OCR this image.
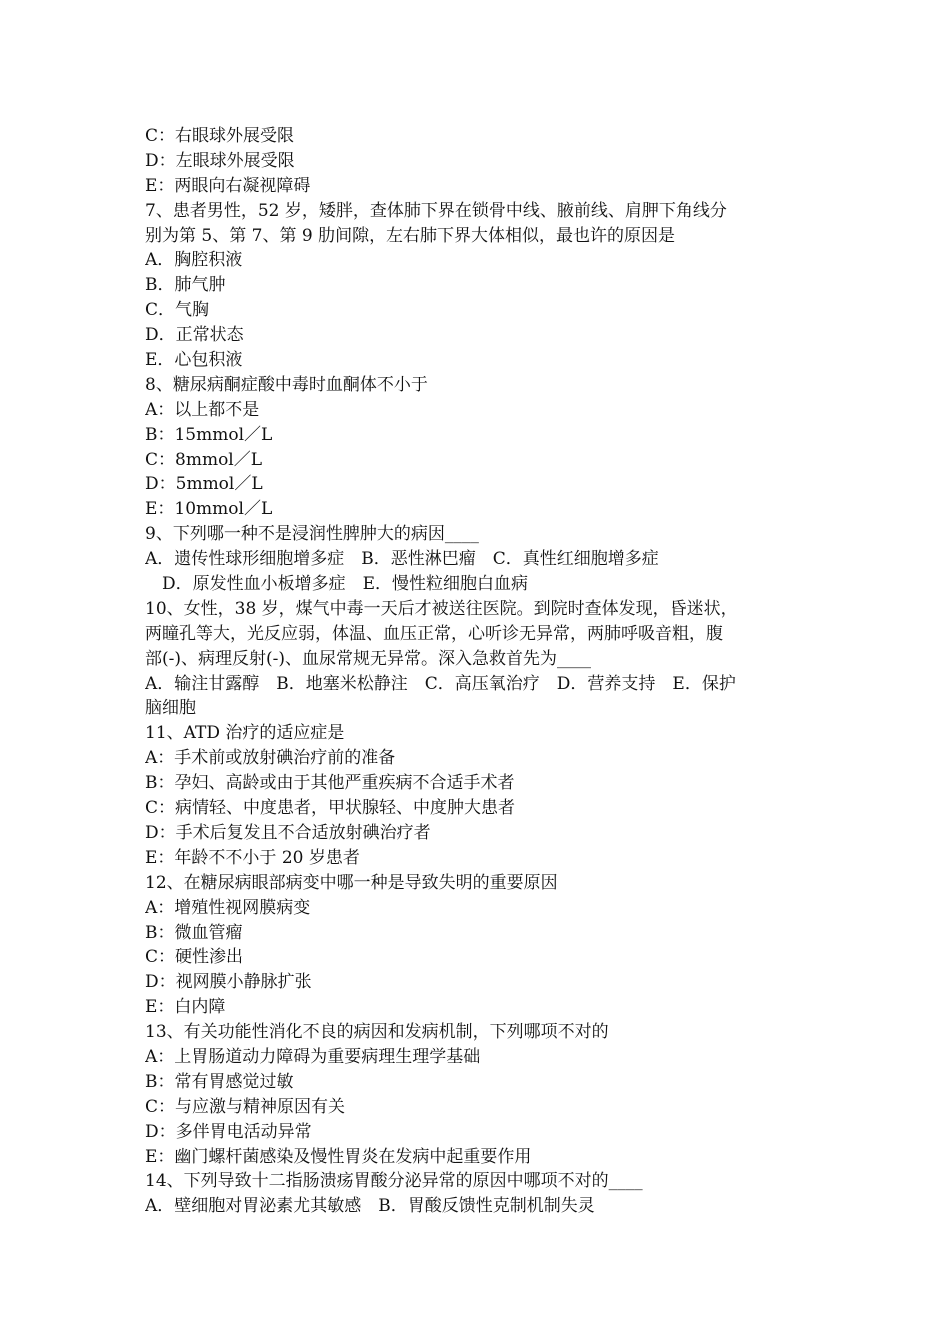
C：右眼球外展受限
D：左眼球外展受限
E：两眼向右凝视障碍
7、患者男性，52 岁，矮胖，查体肺下界在锁骨中线、腋前线、肩胛下角线分
别为第 5、第 7、第 9 肋间隙，左右肺下界大体相似，最也许的原因是
A．胸腔积液
B．肺气肿
C．气胸
D．正常状态
E．心包积液
8、糖尿病酮症酸中毒时血酮体不小于
A：以上都不是
B：15mmol／L
C：8mmol／L
D：5mmol／L
E：10mmol／L
9、下列哪一种不是浸润性脾肿大的病因____
A．遗传性球形细胞增多症　B．恶性淋巴瘤　C．真性红细胞增多症
　D．原发性血小板增多症　E．慢性粒细胞白血病
10、女性，38 岁，煤气中毒一天后才被送往医院。到院时查体发现，昏迷状，
两瞳孔等大，光反应弱，体温、血压正常，心听诊无异常，两肺呼吸音粗，腹
部(-)、病理反射(-)、血尿常规无异常。深入急救首先为____
A．输注甘露醇　B．地塞米松静注　C．高压氧治疗　D．营养支持　E．保护
脑细胞
11、ATD 治疗的适应症是
A：手术前或放射碘治疗前的准备
B：孕妇、高龄或由于其他严重疾病不合适手术者
C：病情轻、中度患者，甲状腺轻、中度肿大患者
D：手术后复发且不合适放射碘治疗者
E：年龄不不小于 20 岁患者
12、在糖尿病眼部病变中哪一种是导致失明的重要原因
A：增殖性视网膜病变
B：微血管瘤
C：硬性渗出
D：视网膜小静脉扩张
E：白内障
13、有关功能性消化不良的病因和发病机制，下列哪项不对的
A：上胃肠道动力障碍为重要病理生理学基础
B：常有胃感觉过敏
C：与应激与精神原因有关
D：多伴胃电活动异常
E：幽门螺杆菌感染及慢性胃炎在发病中起重要作用
14、下列导致十二指肠溃疡胃酸分泌异常的原因中哪项不对的____
A．壁细胞对胃泌素尤其敏感　B．胃酸反馈性克制机制失灵
